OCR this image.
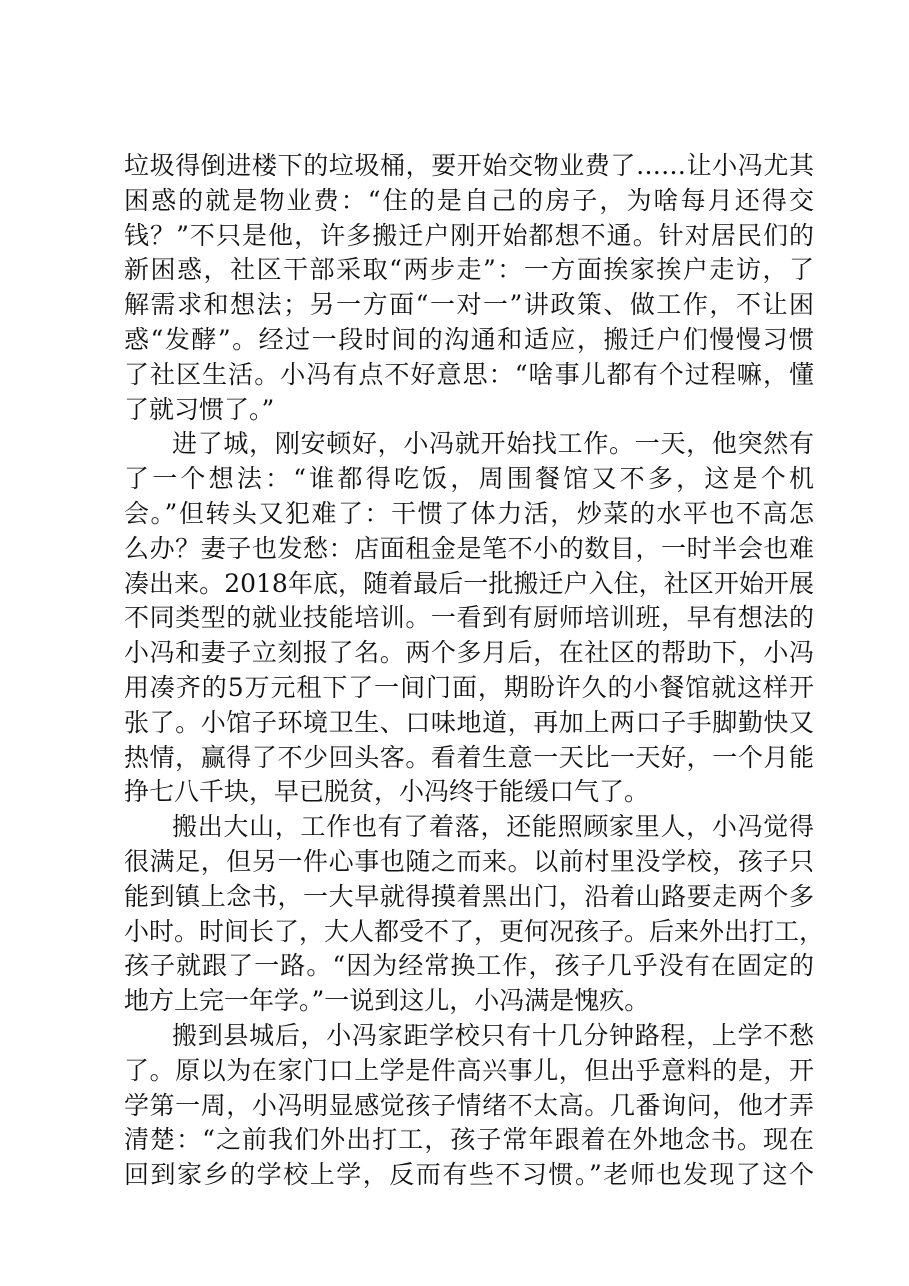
垃圾得倒进楼下的垃圾桶，要开始交物业费了……让小冯尤其
困惑的就是物业费：“住的是自己的房子，为啥每月还得交
钱？”不只是他，许多搬迁户刚开始都想不通。针对居民们的
新困惑，社区干部采取“两步走”：一方面挨家挨户走访，了
解需求和想法；另一方面“一对一”讲政策、做工作，不让困
惑“发酵”。经过一段时间的沟通和适应，搬迁户们慢慢习惯
了社区生活。小冯有点不好意思：“啥事儿都有个过程嘛，懂
了就习惯了。”
进了城，刚安顿好，小冯就开始找工作。一天，他突然有
了一个想法：“谁都得吃饭，周围餐馆又不多，这是个机
会。”但转头又犯难了：干惯了体力活，炒菜的水平也不高怎
么办？妻子也发愁：店面租金是笔不小的数目，一时半会也难
凑出来。2018年底，随着最后一批搬迁户入住，社区开始开展
不同类型的就业技能培训。一看到有厨师培训班，早有想法的
小冯和妻子立刻报了名。两个多月后，在社区的帮助下，小冯
用凑齐的5万元租下了一间门面，期盼许久的小餐馆就这样开
张了。小馆子环境卫生、口味地道，再加上两口子手脚勤快又
热情，赢得了不少回头客。看着生意一天比一天好，一个月能
挣七八千块，早已脱贫，小冯终于能缓口气了。
搬出大山，工作也有了着落，还能照顾家里人，小冯觉得
很满足，但另一件心事也随之而来。以前村里没学校，孩子只
能到镇上念书，一大早就得摸着黑出门，沿着山路要走两个多
小时。时间长了，大人都受不了，更何况孩子。后来外出打工，
孩子就跟了一路。“因为经常换工作，孩子几乎没有在固定的
地方上完一年学。”一说到这儿，小冯满是愧疚。
搬到县城后，小冯家距学校只有十几分钟路程，上学不愁
了。原以为在家门口上学是件高兴事儿，但出乎意料的是，开
学第一周，小冯明显感觉孩子情绪不太高。几番询问，他才弄
清楚：“之前我们外出打工，孩子常年跟着在外地念书。现在
回到家乡的学校上学，反而有些不习惯。”老师也发现了这个
